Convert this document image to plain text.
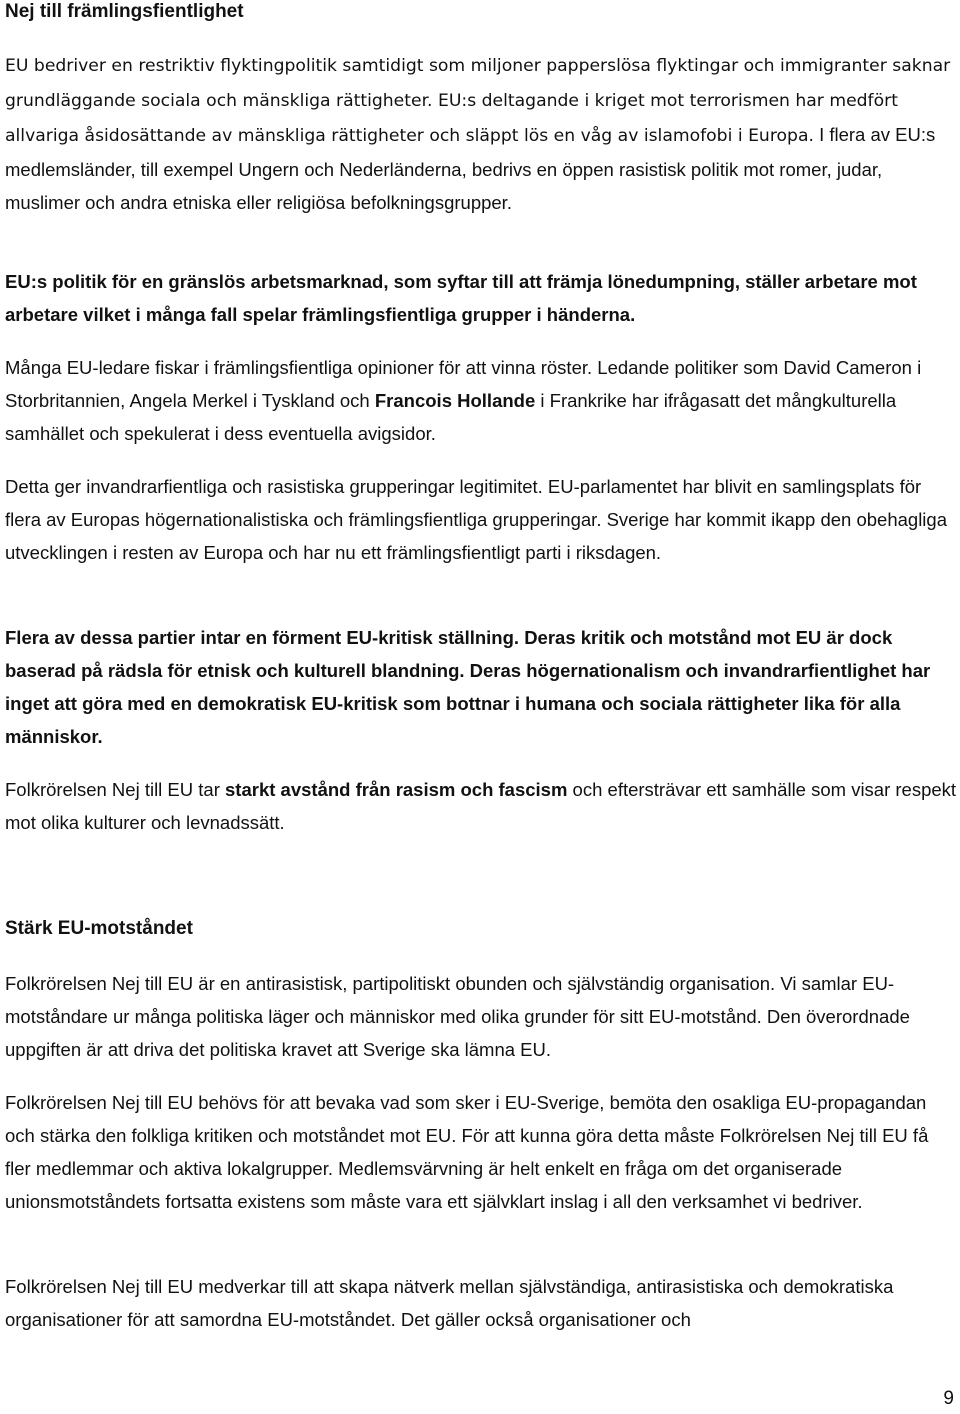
Nej till främlingsfientlighet

EU bedriver en restriktiv flyktingpolitik samtidigt som miljoner papperslösa flyktingar och immigranter saknar grundläggande sociala och mänskliga rättigheter. EU:s deltagande i kriget mot terrorismen har medfört allvariga åsidosättande av mänskliga rättigheter och släppt lös en våg av islamofobi i Europa. I flera av EU:s medlemsländer, till exempel Ungern och Nederländerna, bedrivs en öppen rasistisk politik mot romer, judar, muslimer och andra etniska eller religiösa befolkningsgrupper.

EU:s politik för en gränslös arbetsmarknad, som syftar till att främja lönedumpning, ställer arbetare mot arbetare vilket i många fall spelar främlingsfientliga grupper i händerna.

Många EU-ledare fiskar i främlingsfientliga opinioner för att vinna röster. Ledande politiker som David Cameron i Storbritannien, Angela Merkel i Tyskland och Francois Hollande i Frankrike har ifrågasatt det mångkulturella samhället och spekulerat i dess eventuella avigsidor.

Detta ger invandrarfientliga och rasistiska grupperingar legitimitet. EU-parlamentet har blivit en samlingsplats för flera av Europas högernationalistiska och främlingsfientliga grupperingar. Sverige har kommit ikapp den obehagliga utvecklingen i resten av Europa och har nu ett främlingsfientligt parti i riksdagen.

Flera av dessa partier intar en förment EU-kritisk ställning. Deras kritik och motstånd mot EU är dock baserad på rädsla för etnisk och kulturell blandning. Deras högernationalism och invandrarfientlighet har inget att göra med en demokratisk EU-kritisk som bottnar i humana och sociala rättigheter lika för alla människor.

Folkrörelsen Nej till EU tar starkt avstånd från rasism och fascism och eftersträvar ett samhälle som visar respekt mot olika kulturer och levnadssätt.

Stärk EU-motståndet

Folkrörelsen Nej till EU är en antirasistisk, partipolitiskt obunden och självständig organisation. Vi samlar EU-motståndare ur många politiska läger och människor med olika grunder för sitt EU-motstånd. Den överordnade uppgiften är att driva det politiska kravet att Sverige ska lämna EU.

Folkrörelsen Nej till EU behövs för att bevaka vad som sker i EU-Sverige, bemöta den osakliga EU-propagandan och stärka den folkliga kritiken och motståndet mot EU. För att kunna göra detta måste Folkrörelsen Nej till EU få fler medlemmar och aktiva lokalgrupper. Medlemsvärvning är helt enkelt en fråga om det organiserade unionsmotståndets fortsatta existens som måste vara ett självklart inslag i all den verksamhet vi bedriver.

Folkrörelsen Nej till EU medverkar till att skapa nätverk mellan självständiga, antirasistiska och demokratiska organisationer för att samordna EU-motståndet. Det gäller också organisationer och

9
